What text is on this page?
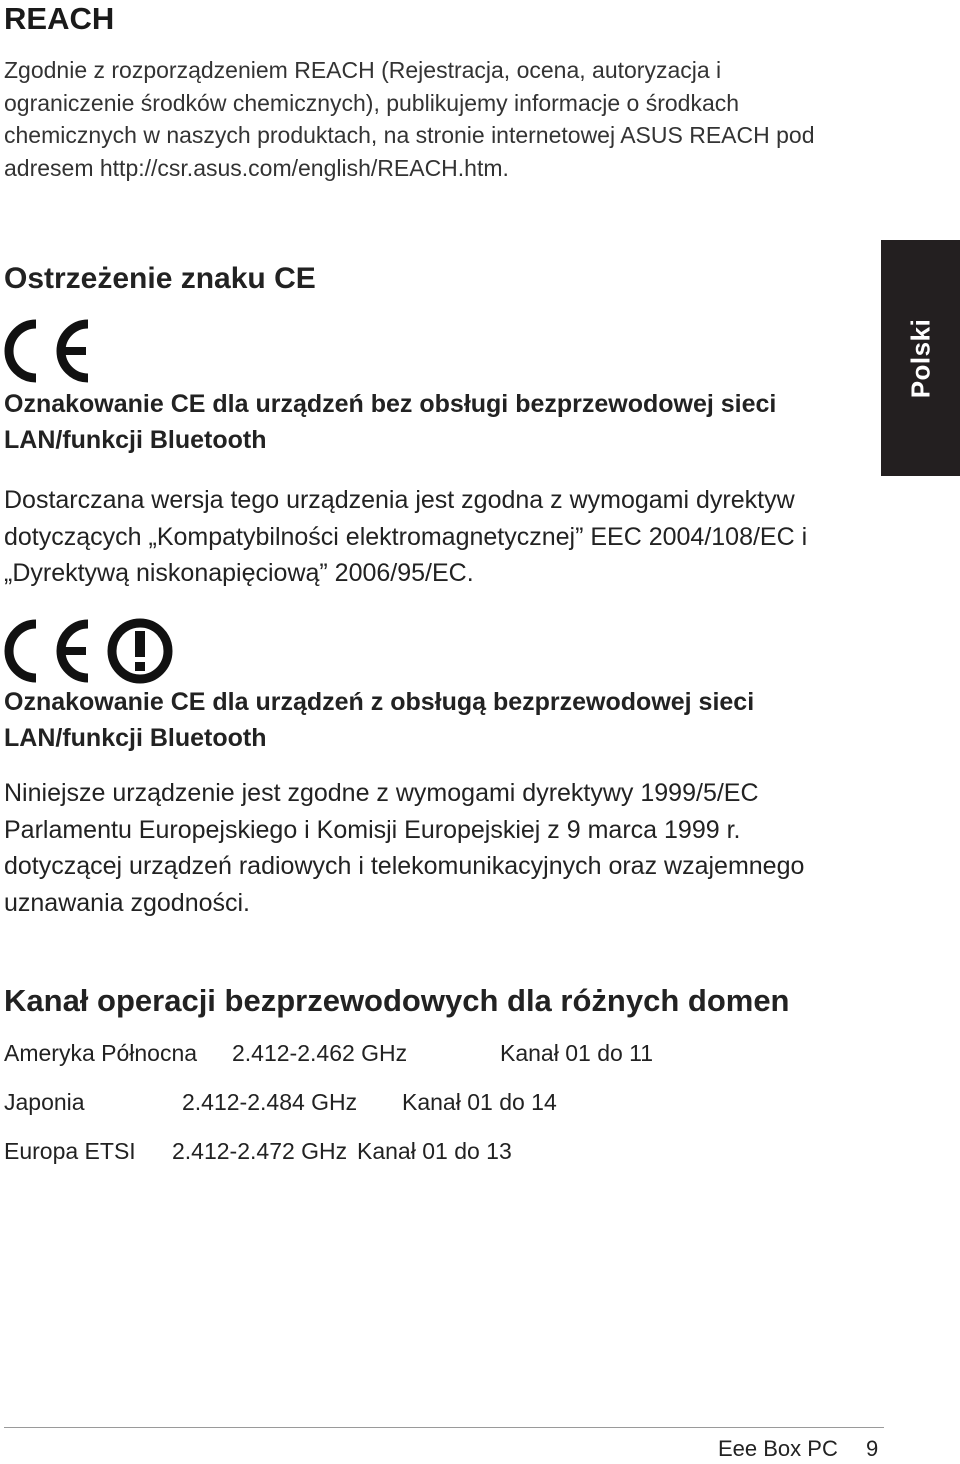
REACH

Zgodnie z rozporządzeniem REACH (Rejestracja, ocena, autoryzacja i ograniczenie środków chemicznych), publikujemy informacje o środkach chemicznych w naszych produktach, na stronie internetowej ASUS REACH pod adresem http://csr.asus.com/english/REACH.htm.

Ostrzeżenie znaku CE
Oznakowanie CE dla urządzeń bez obsługi bezprzewodowej sieci LAN/funkcji Bluetooth

Dostarczana wersja tego urządzenia jest zgodna z wymogami dyrektyw dotyczących „Kompatybilności elektromagnetycznej” EEC 2004/108/EC i „Dyrektywą niskonapięciową” 2006/95/EC.

Oznakowanie CE dla urządzeń z obsługą bezprzewodowej sieci LAN/funkcji Bluetooth

Niniejsze urządzenie jest zgodne z wymogami dyrektywy 1999/5/EC Parlamentu Europejskiego i Komisji Europejskiej z 9 marca 1999 r. dotyczącej urządzeń radiowych i telekomunikacyjnych oraz wzajemnego uznawania zgodności.

Kanał operacji bezprzewodowych dla różnych domen
Ameryka Północna 2.412-2.462 GHz	Kanał 01 do 11
Japonia	2.412-2.484 GHz Kanał 01 do 14
Europa ETSI 2.412-2.472 GHz Kanał 01 do 13
Polski
Eee Box PC 9
